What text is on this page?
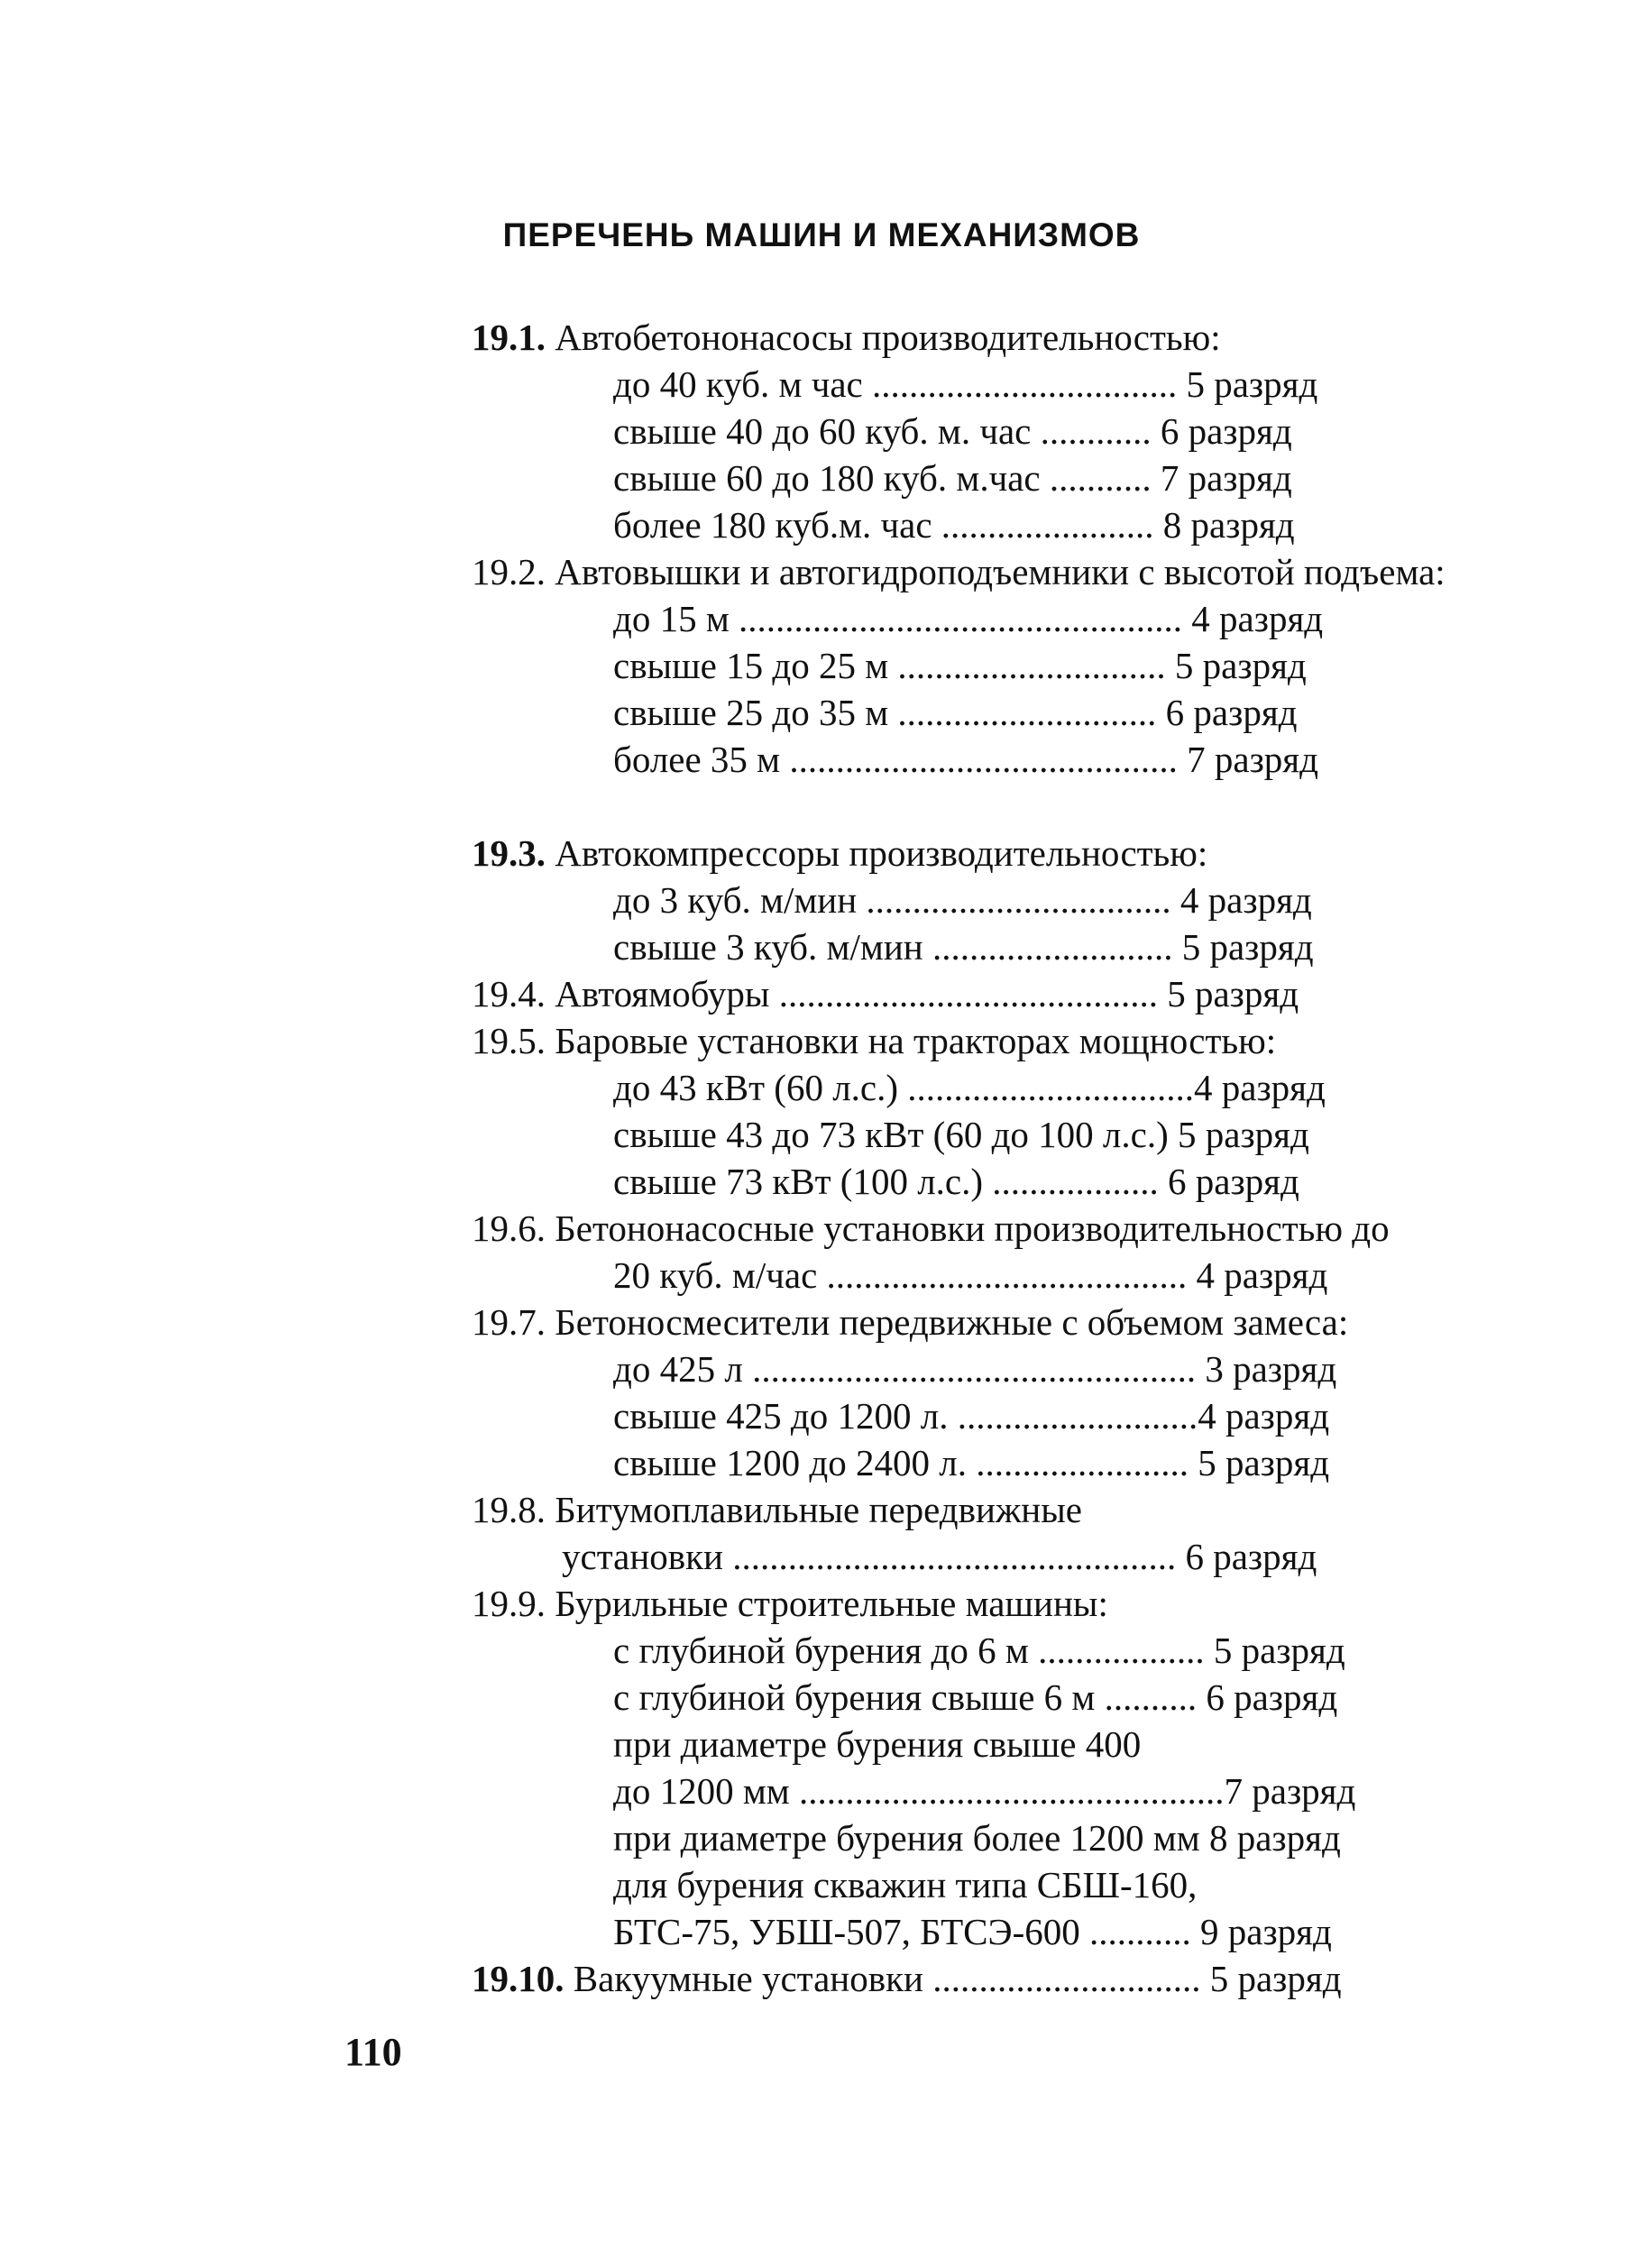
ПЕРЕЧЕНЬ МАШИН И МЕХАНИЗМОВ
19.1. Автобетононасосы производительностью:
до 40 куб. м час ................................. 5 разряд
свыше 40 до 60 куб. м. час ............ 6 разряд
свыше 60 до 180 куб. м.час ........... 7 разряд
более 180 куб.м. час ....................... 8 разряд
19.2. Автовышки и автогидроподъемники с высотой подъема:
до 15 м ................................................ 4 разряд
свыше 15 до 25 м ............................. 5 разряд
свыше 25 до 35 м ............................ 6 разряд
более 35 м .......................................... 7 разряд
19.3. Автокомпрессоры производительностью:
до 3 куб. м/мин ................................. 4 разряд
свыше 3 куб. м/мин .......................... 5 разряд
19.4. Автоямобуры ......................................... 5 разряд
19.5. Баровые установки на тракторах мощностью:
до 43 кВт (60 л.с.) ...............................4 разряд
свыше 43 до 73 кВт (60 до 100 л.с.) 5 разряд
свыше 73 кВт (100 л.с.) .................. 6 разряд
19.6. Бетононасосные установки производительностью до
20 куб. м/час ....................................... 4 разряд
19.7. Бетоносмесители передвижные с объемом замеса:
до 425 л ................................................ 3 разряд
свыше 425 до 1200 л. ..........................4 разряд
свыше 1200 до 2400 л. ....................... 5 разряд
19.8. Битумоплавильные передвижные
установки ................................................ 6 разряд
19.9. Бурильные строительные машины:
с глубиной бурения до 6 м .................. 5 разряд
с глубиной бурения свыше 6 м .......... 6 разряд
при диаметре бурения свыше 400
до 1200 мм ..............................................7 разряд
при диаметре бурения более 1200 мм 8 разряд
для бурения скважин типа СБШ-160,
БТС-75, УБШ-507, БТСЭ-600 ........... 9 разряд
19.10. Вакуумные установки ............................. 5 разряд
110
